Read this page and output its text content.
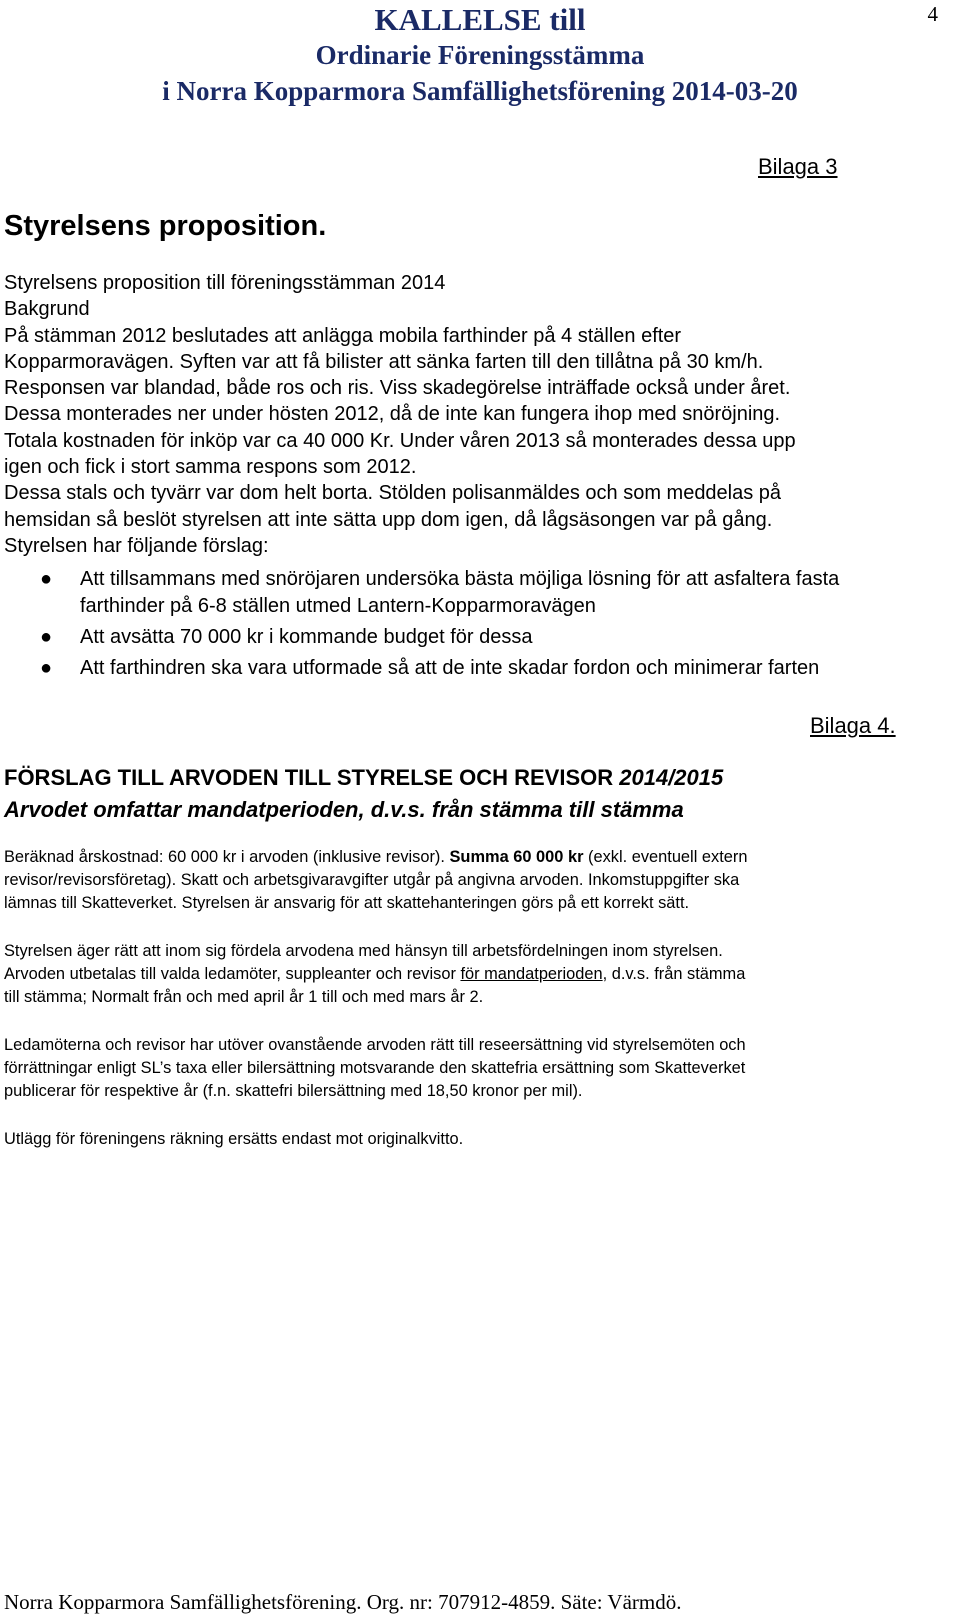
4
KALLELSE till
Ordinarie Föreningsstämma
i Norra Kopparmora Samfällighetsförening 2014-03-20
Bilaga 3
Styrelsens proposition.
Styrelsens proposition till föreningsstämman 2014
Bakgrund
På stämman 2012 beslutades att anlägga mobila farthinder på 4 ställen efter
Kopparmoravägen. Syften var att få bilister att sänka farten till den tillåtna på 30 km/h.
Responsen var blandad, både ros och ris. Viss skadegörelse inträffade också under året.
Dessa monterades ner under hösten 2012, då de inte kan fungera ihop med snöröjning.
Totala kostnaden för inköp var ca 40 000 Kr. Under våren 2013 så monterades dessa upp
igen och fick i stort samma respons som 2012.
Dessa stals och tyvärr var dom helt borta. Stölden polisanmäldes och som meddelas på
hemsidan så beslöt styrelsen att inte sätta upp dom igen, då lågsäsongen var på gång.
Styrelsen har följande förslag:
● Att tillsammans med snöröjaren undersöka bästa möjliga lösning för att asfaltera fasta
farthinder på 6-8 ställen utmed Lantern-Kopparmoravägen
● Att avsätta 70 000 kr i kommande budget för dessa
● Att farthindren ska vara utformade så att de inte skadar fordon och minimerar farten
Bilaga 4.
FÖRSLAG TILL ARVODEN TILL STYRELSE OCH REVISOR 2014/2015
Arvodet omfattar mandatperioden, d.v.s. från stämma till stämma
Beräknad årskostnad: 60 000 kr i arvoden (inklusive revisor). Summa 60 000 kr (exkl. eventuell extern
revisor/revisorsföretag). Skatt och arbetsgivaravgifter utgår på angivna arvoden. Inkomstuppgifter ska
lämnas till Skatteverket. Styrelsen är ansvarig för att skattehanteringen görs på ett korrekt sätt.
Styrelsen äger rätt att inom sig fördela arvodena med hänsyn till arbetsfördelningen inom styrelsen.
Arvoden utbetalas till valda ledamöter, suppleanter och revisor för mandatperioden, d.v.s. från stämma
till stämma; Normalt från och med april år 1 till och med mars år 2.
Ledamöterna och revisor har utöver ovanstående arvoden rätt till reseersättning vid styrelsemöten och
förrättningar enligt SL’s taxa eller bilersättning motsvarande den skattefria ersättning som Skatteverket
publicerar för respektive år (f.n. skattefri bilersättning med 18,50 kronor per mil).
Utlägg för föreningens räkning ersätts endast mot originalkvitto.
Norra Kopparmora Samfällighetsförening. Org. nr: 707912-4859. Säte: Värmdö.
